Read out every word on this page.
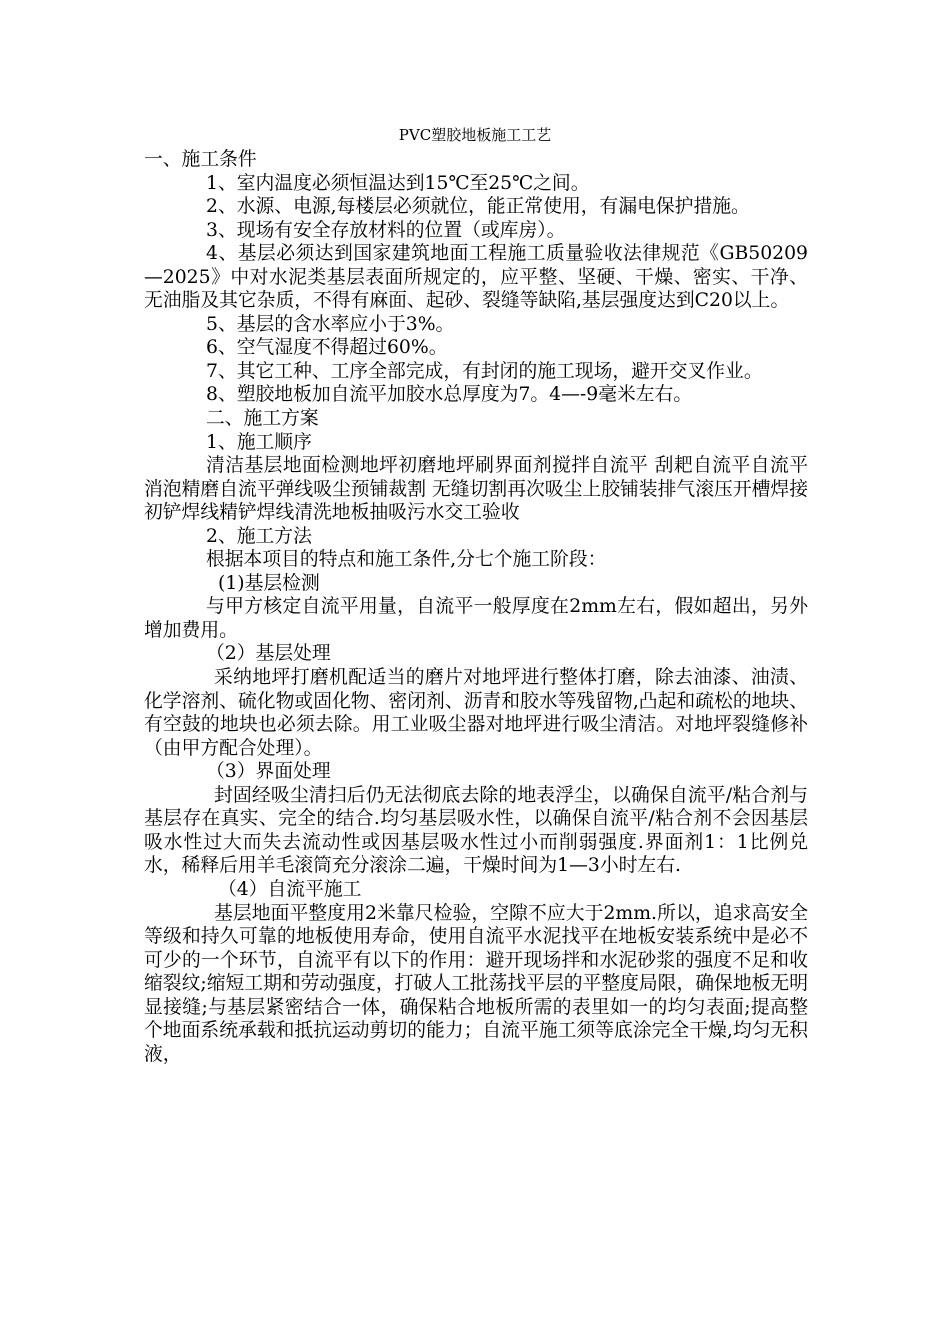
PVC塑胶地板施工工艺

一、施工条件

1、室内温度必须恒温达到15℃至25℃之间。

2、水源、电源,每楼层必须就位，能正常使用，有漏电保护措施。

3、现场有安全存放材料的位置（或库房）。

4、基层必须达到国家建筑地面工程施工质量验收法律规范《GB50209—2025》中对水泥类基层表面所规定的，应平整、坚硬、干燥、密实、干净、无油脂及其它杂质，不得有麻面、起砂、裂缝等缺陷,基层强度达到C20以上。

5、基层的含水率应小于3%。

6、空气湿度不得超过60%。

7、其它工种、工序全部完成，有封闭的施工现场，避开交叉作业。

8、塑胶地板加自流平加胶水总厚度为7。4—-9毫米左右。

二、施工方案

1、施工顺序

清洁基层地面检测地坪初磨地坪刷界面剂搅拌自流平 刮耙自流平自流平消泡精磨自流平弹线吸尘预铺裁割 无缝切割再次吸尘上胶铺装排气滚压开槽焊接 初铲焊线精铲焊线清洗地板抽吸污水交工验收

2、施工方法

根据本项目的特点和施工条件,分七个施工阶段：

(1)基层检测

与甲方核定自流平用量，自流平一般厚度在2mm左右，假如超出，另外增加费用。

（2）基层处理

采纳地坪打磨机配适当的磨片对地坪进行整体打磨，除去油漆、油渍、化学溶剂、硫化物或固化物、密闭剂、沥青和胶水等残留物,凸起和疏松的地块、有空鼓的地块也必须去除。用工业吸尘器对地坪进行吸尘清洁。对地坪裂缝修补（由甲方配合处理）。

（3）界面处理

封固经吸尘清扫后仍无法彻底去除的地表浮尘，以确保自流平/粘合剂与基层存在真实、完全的结合.均匀基层吸水性，以确保自流平/粘合剂不会因基层吸水性过大而失去流动性或因基层吸水性过小而削弱强度.界面剂1：1比例兑水，稀释后用羊毛滚筒充分滚涂二遍，干燥时间为1—3小时左右.

（4）自流平施工

基层地面平整度用2米靠尺检验，空隙不应大于2mm.所以，追求高安全等级和持久可靠的地板使用寿命，使用自流平水泥找平在地板安装系统中是必不可少的一个环节，自流平有以下的作用：避开现场拌和水泥砂浆的强度不足和收缩裂纹;缩短工期和劳动强度，打破人工批荡找平层的平整度局限，确保地板无明显接缝;与基层紧密结合一体，确保粘合地板所需的表里如一的均匀表面;提高整个地面系统承载和抵抗运动剪切的能力；自流平施工须等底涂完全干燥,均匀无积液，
